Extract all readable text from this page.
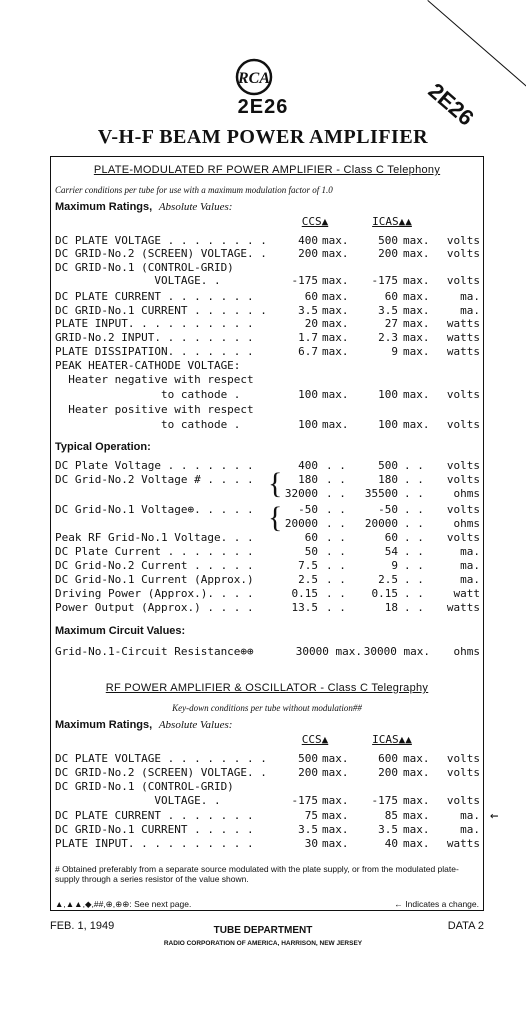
RCA
2E26	2E26
V-H-F BEAM POWER AMPLIFIER
PLATE-MODULATED RF POWER AMPLIFIER - Class C Telephony
Carrier conditions per tube for use with a maximum modulation factor of 1.0
Maximum Ratings, Absolute Values:
CCS▲	ICAS▲▲
DC PLATE VOLTAGE . . . . . . . .	400 max.	500 max.	volts
DC GRID-No.2 (SCREEN) VOLTAGE. .	200 max.	200 max.	volts
DC GRID-No.1 (CONTROL-GRID)
VOLTAGE. .	-175 max.	-175 max.	volts
DC PLATE CURRENT . . . . . . .	60 max.	60 max.	ma.
DC GRID-No.1 CURRENT . . . . . .	3.5 max.	3.5 max.	ma.
PLATE INPUT. . . . . . . . . .	20 max.	27 max.	watts
GRID-No.2 INPUT. . . . . . . .	1.7 max.	2.3 max.	watts
PLATE DISSIPATION. . . . . . .	6.7 max.	9 max.	watts
PEAK HEATER-CATHODE VOLTAGE:
Heater negative with respect
to cathode .	100 max.	100 max.	volts
Heater positive with respect
to cathode .	100 max.	100 max.	volts
Typical Operation:
DC Plate Voltage . . . . . . .	400 . .	500 . .	volts
DC Grid-No.2 Voltage # . . . .	180 . .	180 . .	volts
32000 . .	35500 . .	ohms
DC Grid-No.1 Voltage⊕. . . . .	-50 . .	-50 . .	volts
20000 . .	20000 . .	ohms
Peak RF Grid-No.1 Voltage. . .	60 . .	60 . .	volts
DC Plate Current . . . . . . .	50 . .	54 . .	ma.
DC Grid-No.2 Current . . . . .	7.5 . .	9 . .	ma.
DC Grid-No.1 Current (Approx.)	2.5 . .	2.5 . .	ma.
Driving Power (Approx.). . . .	0.15 . .	0.15 . .	watt
Power Output (Approx.) . . . .	13.5 . .	18 . .	watts
{
{
Maximum Circuit Values:
Grid-No.1-Circuit Resistance⊕⊕	30000 max. 30000 max.	ohms
RF POWER AMPLIFIER & OSCILLATOR - Class C Telegraphy
Key-down conditions per tube without modulation##
Maximum Ratings, Absolute Values:
CCS▲	ICAS▲▲
DC PLATE VOLTAGE . . . . . . . .	500 max.	600 max.	volts
DC GRID-No.2 (SCREEN) VOLTAGE. .	200 max.	200 max.	volts
DC GRID-No.1 (CONTROL-GRID)
VOLTAGE. .	-175 max.	-175 max.	volts
DC PLATE CURRENT . . . . . . .	75 max.	85 max.	ma.
DC GRID-No.1 CURRENT . . . . .	3.5 max.	3.5 max.	ma.
PLATE INPUT. . . . . . . . . .	30 max.	40 max.	watts
←
# Obtained preferably from a separate source modulated with the plate supply, or from the modulated plate-supply through a series resistor of the value shown.
▲,▲▲,◆,##,⊕,⊕⊕: See next page.	← Indicates a change.
FEB. 1, 1949	TUBE DEPARTMENT
RADIO CORPORATION OF AMERICA, HARRISON, NEW JERSEY
DATA 2
